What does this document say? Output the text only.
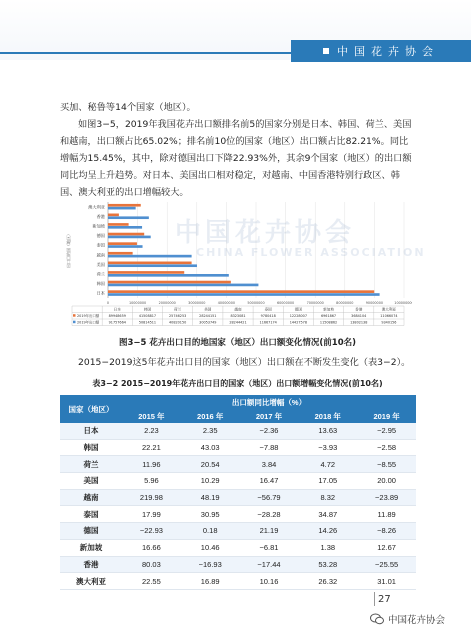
中国花卉协会

买加、秘鲁等14个国家（地区）。

如图3−5，2019年我国花卉出口额排名前5的国家分别是日本、韩国、荷兰、美国和越南，出口额占比65.02%；排名前10位的国家（地区）出口额占比82.21%。同比增幅为15.45%，其中，除对德国出口下降22.93%外，其余9个国家（地区）的出口额同比均呈上升趋势。对日本、美国出口相对稳定，对越南、中国香港特别行政区、韩国、澳大利亚的出口增幅较大。

0	10000000	20000000	30000000	40000000	50000000	60000000	70000000	80000000	90000000	100000000
出口目的国（地区）
日本
韩国
荷兰
美国
越南
泰国
德国
新加坡
香港
澳大利亚
日本	韩国	荷兰	美国	越南	泰国	德国	新加坡	香港	澳大利亚
2019年出口额	89948659	41508817	25746253	28244151	8323081	9780418	12228007	6961867	3684104	11066074
2019年出口额	91757664	50814511	40820150	30053749	28244421	11667174	14427578	11508862	13802138	9340156
中国花卉协会
CHINA FLOWER ASSOCIATION
图3−5 花卉出口目的地国家（地区）出口额变化情况(前10名)
2015−2019这5年花卉出口目的国家（地区）出口额在不断发生变化（表3−2）。
表3−2 2015−2019年花卉出口目的国家（地区）出口额增幅变化情况(前10名)
国家（地区）	出口额同比增幅（%）				
	2015 年	2016 年	2017 年	2018 年	2019 年
日本	2.23	2.35	−2.36	13.63	−2.95
韩国	22.21	43.03	−7.88	−3.93	−2.58
荷兰	11.96	20.54	3.84	4.72	−8.55
美国	5.96	10.29	16.47	17.05	20.00
越南	219.98	48.19	−56.79	8.32	−23.89
泰国	17.99	30.95	−28.28	34.87	11.89
德国	−22.93	0.18	21.19	14.26	−8.26
新加坡	16.66	10.46	−6.81	1.38	12.67
香港	80.03	−16.93	−17.44	53.28	−25.55
澳大利亚	22.55	16.89	10.16	26.32	31.01
27
中国花卉协会
